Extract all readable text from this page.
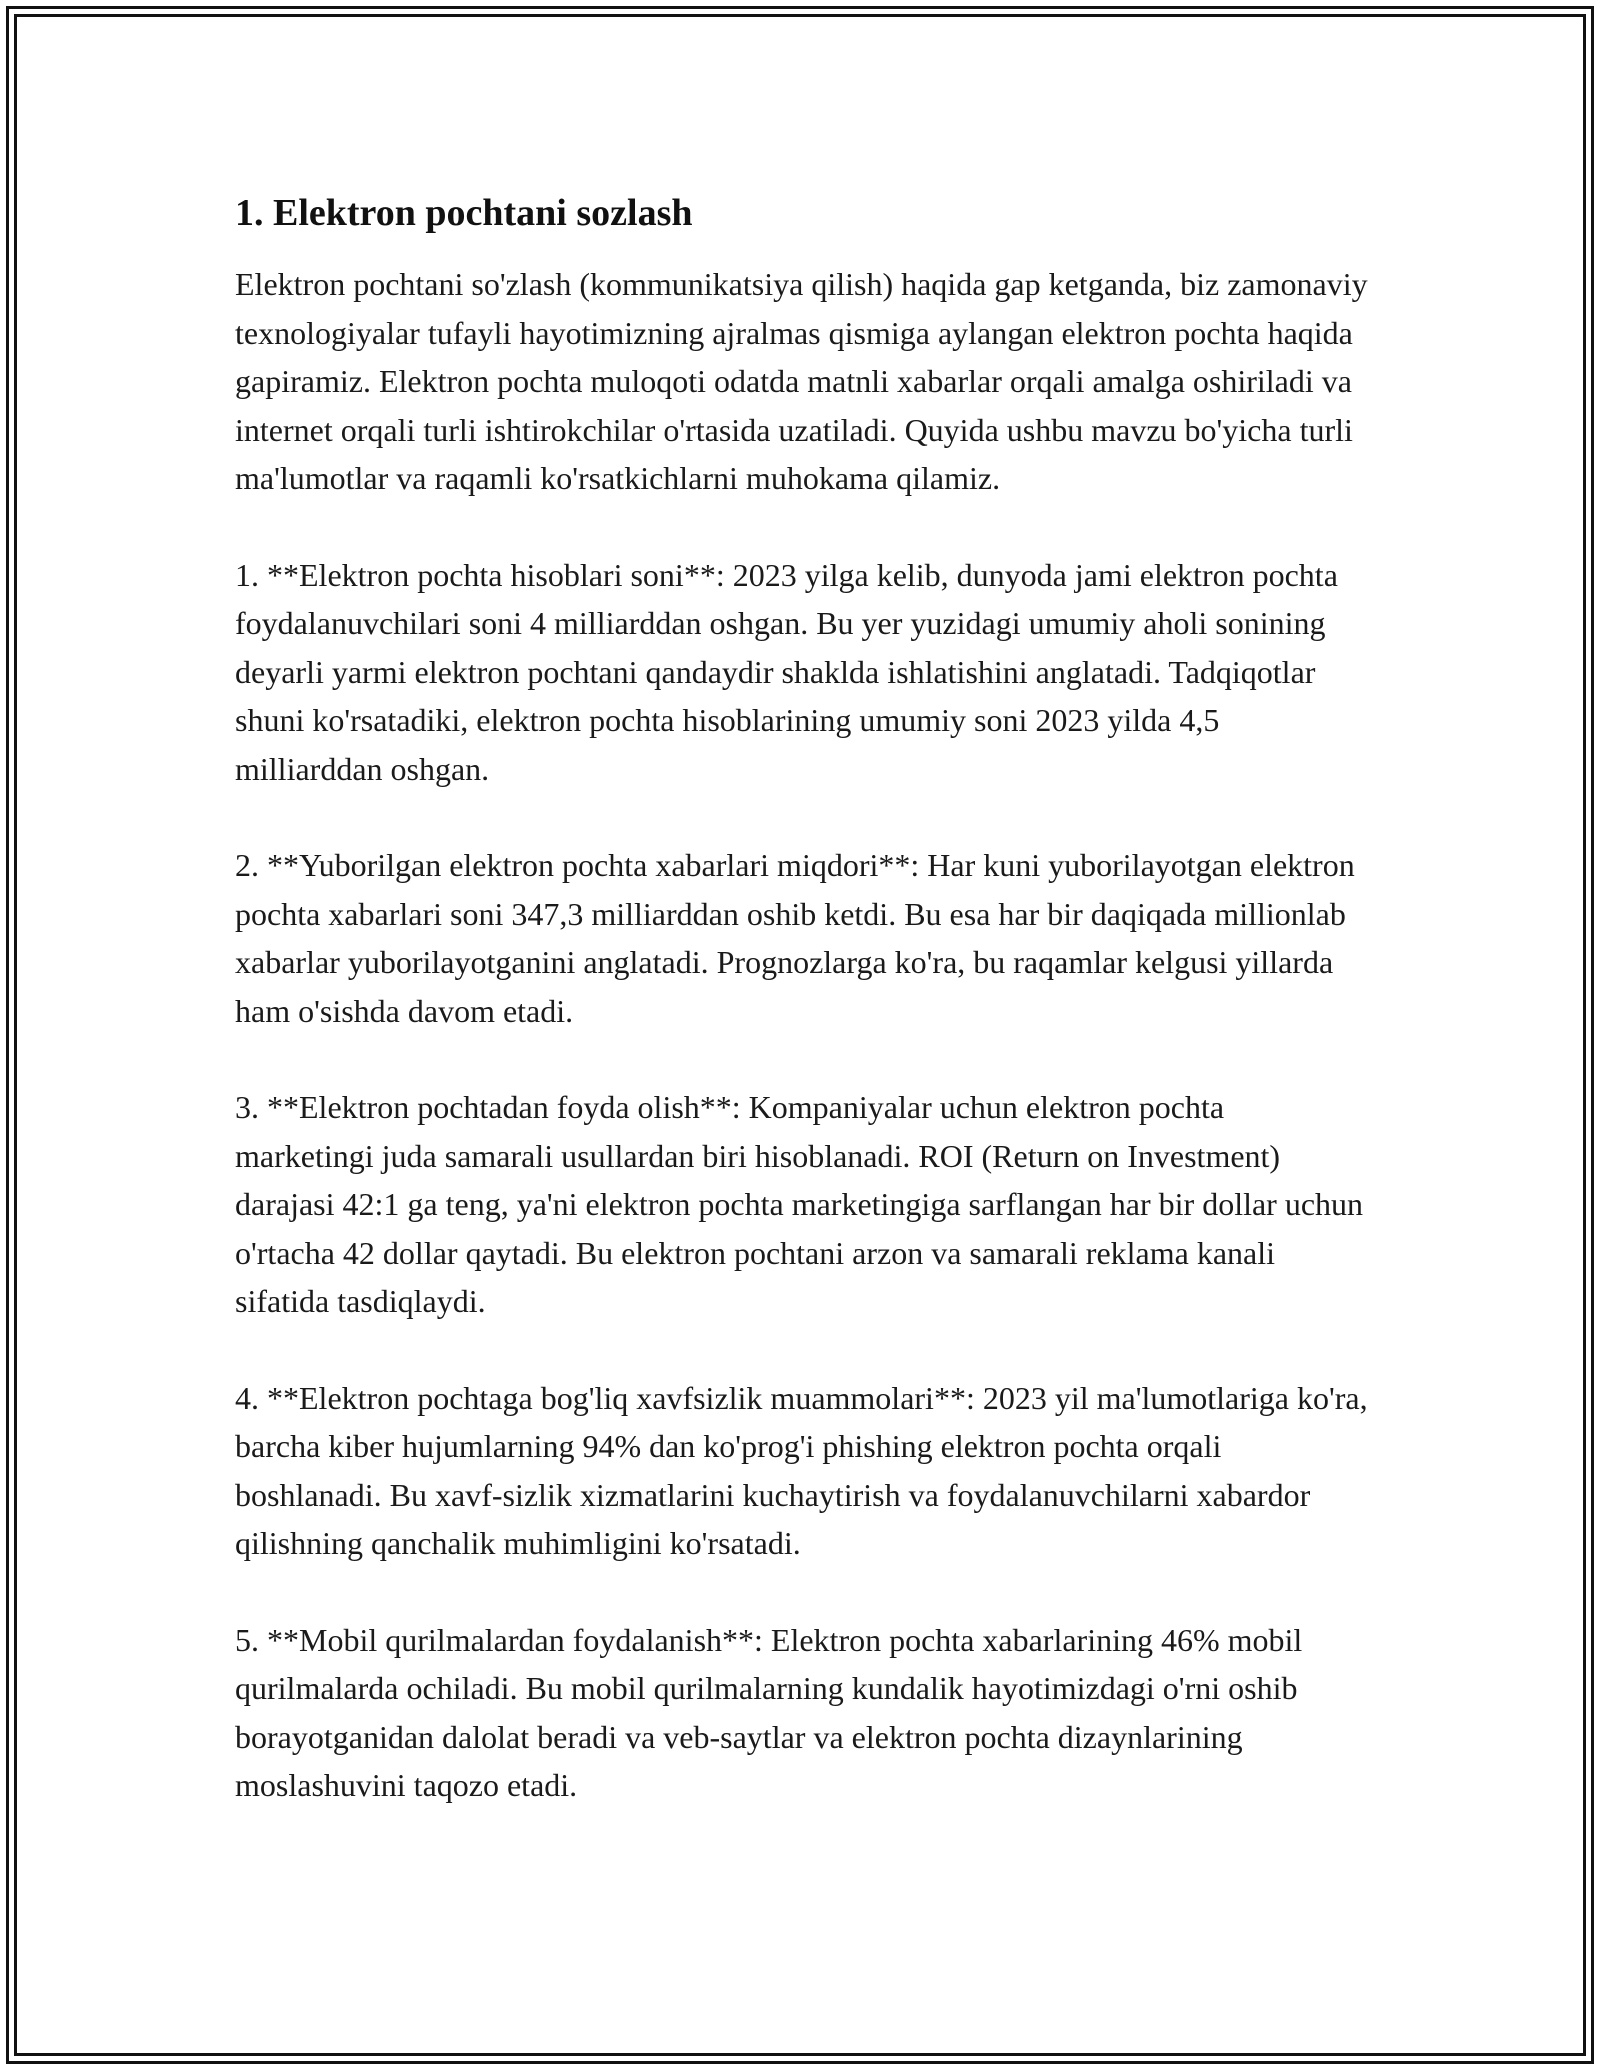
1. Elektron pochtani sozlash

Elektron pochtani so'zlash (kommunikatsiya qilish) haqida gap ketganda, biz zamonaviy texnologiyalar tufayli hayotimizning ajralmas qismiga aylangan elektron pochta haqida gapiramiz. Elektron pochta muloqoti odatda matnli xabarlar orqali amalga oshiriladi va internet orqali turli ishtirokchilar o'rtasida uzatiladi. Quyida ushbu mavzu bo'yicha turli ma'lumotlar va raqamli ko'rsatkichlarni muhokama qilamiz.

1. **Elektron pochta hisoblari soni**: 2023 yilga kelib, dunyoda jami elektron pochta foydalanuvchilari soni 4 milliarddan oshgan. Bu yer yuzidagi umumiy aholi sonining deyarli yarmi elektron pochtani qandaydir shaklda ishlatishini anglatadi. Tadqiqotlar shuni ko'rsatadiki, elektron pochta hisoblarining umumiy soni 2023 yilda 4,5 milliarddan oshgan.

2. **Yuborilgan elektron pochta xabarlari miqdori**: Har kuni yuborilayotgan elektron pochta xabarlari soni 347,3 milliarddan oshib ketdi. Bu esa har bir daqiqada millionlab xabarlar yuborilayotganini anglatadi. Prognozlarga ko'ra, bu raqamlar kelgusi yillarda ham o'sishda davom etadi.

3. **Elektron pochtadan foyda olish**: Kompaniyalar uchun elektron pochta marketingi juda samarali usullardan biri hisoblanadi. ROI (Return on Investment) darajasi 42:1 ga teng, ya'ni elektron pochta marketingiga sarflangan har bir dollar uchun o'rtacha 42 dollar qaytadi. Bu elektron pochtani arzon va samarali reklama kanali sifatida tasdiqlaydi.

4. **Elektron pochtaga bog'liq xavfsizlik muammolari**: 2023 yil ma'lumotlariga ko'ra, barcha kiber hujumlarning 94% dan ko'prog'i phishing elektron pochta orqali boshlanadi. Bu xavf-sizlik xizmatlarini kuchaytirish va foydalanuvchilarni xabardor qilishning qanchalik muhimligini ko'rsatadi.

5. **Mobil qurilmalardan foydalanish**: Elektron pochta xabarlarining 46% mobil qurilmalarda ochiladi. Bu mobil qurilmalarning kundalik hayotimizdagi o'rni oshib borayotganidan dalolat beradi va veb-saytlar va elektron pochta dizaynlarining moslashuvini taqozo etadi.
